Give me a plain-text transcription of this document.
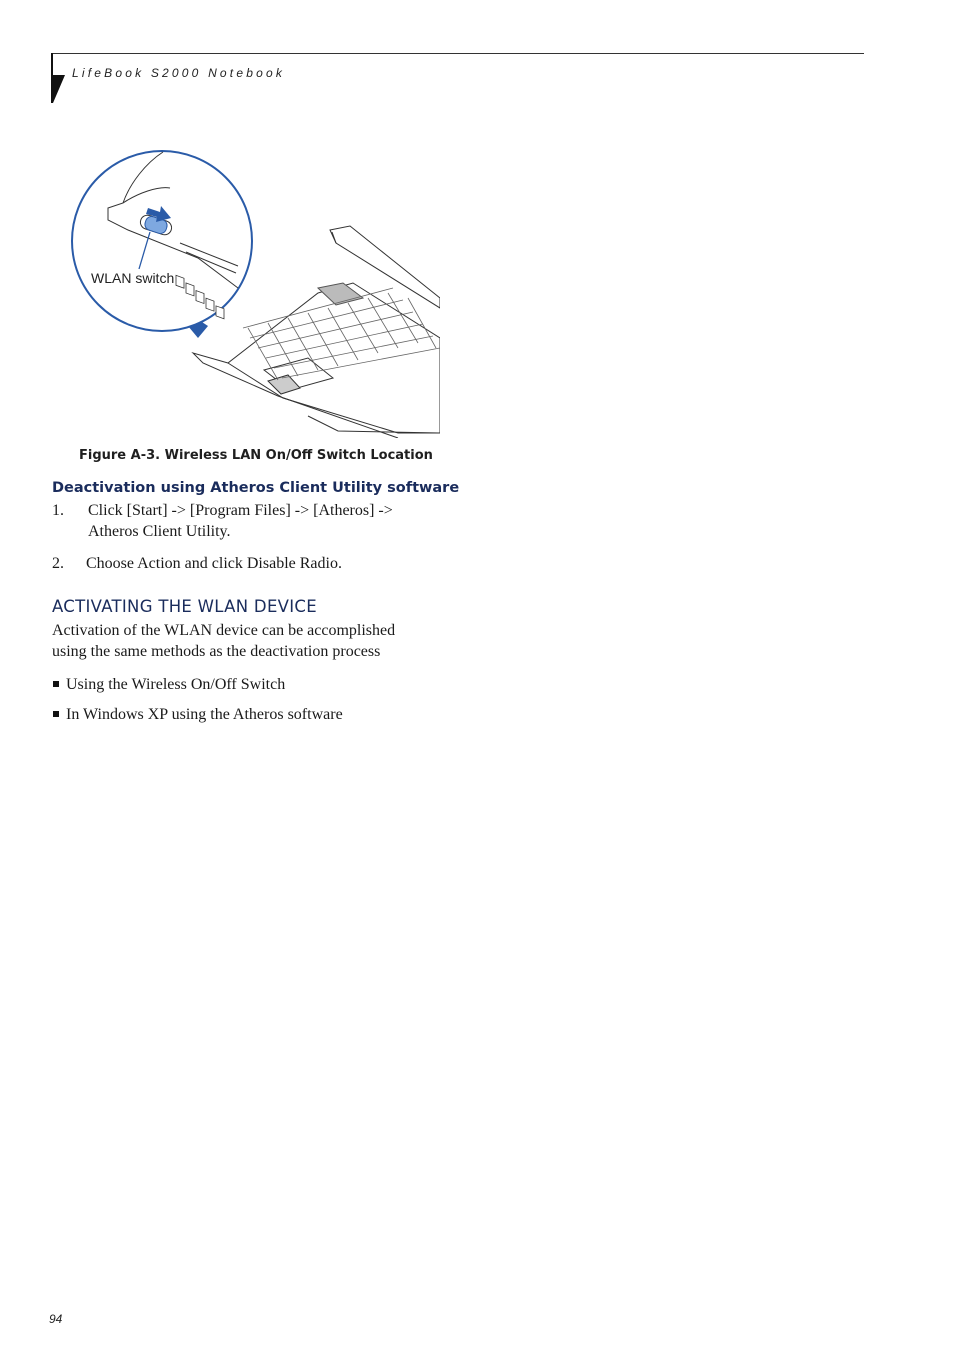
LifeBook S2000 Notebook
WLAN switch
Figure A-3. Wireless LAN On/Off Switch Location
Deactivation using Atheros Client Utility software
1. Click [Start] -> [Program Files] -> [Atheros] -> Atheros Client Utility.
2. Choose Action and click Disable Radio.
ACTIVATING THE WLAN DEVICE
Activation of the WLAN device can be accomplished using the same methods as the deactivation process
Using the Wireless On/Off Switch
In Windows XP using the Atheros software
94
